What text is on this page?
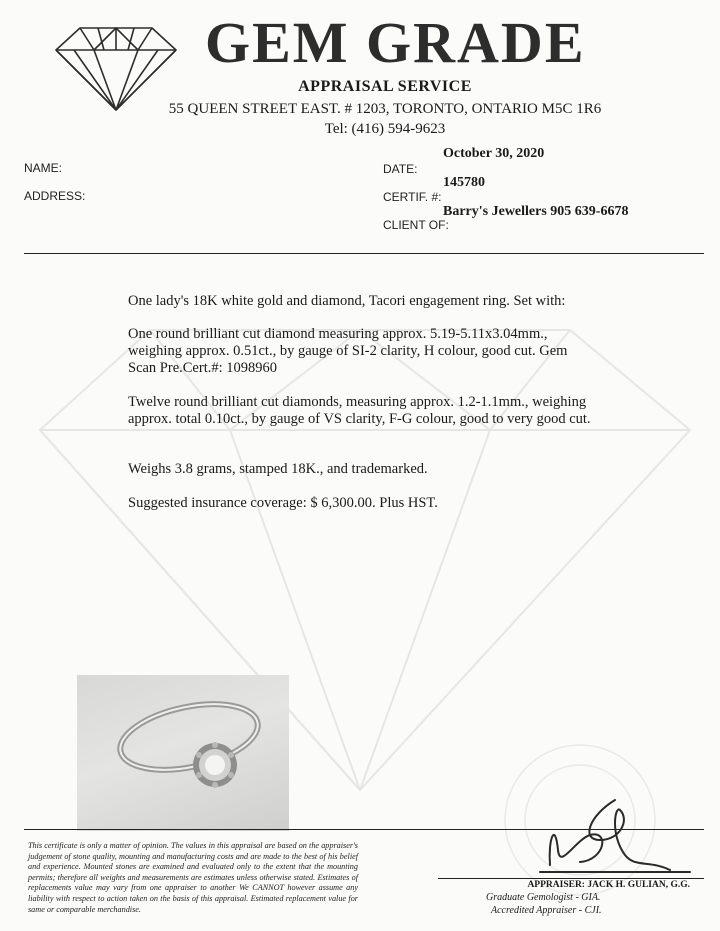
GEM GRADE
APPRAISAL SERVICE
55 QUEEN STREET EAST. # 1203, TORONTO, ONTARIO M5C 1R6
Tel: (416) 594-9623
NAME:
ADDRESS:
October 30, 2020
DATE:
145780
CERTIF. #:
Barry's Jewellers 905 639-6678
CLIENT OF:
One lady's 18K white gold and diamond, Tacori engagement ring. Set with:
One round brilliant cut diamond measuring approx. 5.19-5.11x3.04mm., weighing approx. 0.51ct., by gauge of SI-2 clarity, H colour, good cut. Gem Scan Pre.Cert.#: 1098960
Twelve round brilliant cut diamonds, measuring approx. 1.2-1.1mm., weighing approx. total 0.10ct., by gauge of VS clarity, F-G colour, good to very good cut.
Weighs 3.8 grams, stamped 18K., and trademarked.
Suggested insurance coverage: $ 6,300.00. Plus HST.
This certificate is only a matter of opinion. The values in this appraisal are based on the appraiser's judgement of stone quality, mounting and manufacturing costs and are made to the best of his belief and experience. Mounted stones are examined and evaluated only to the extent that the mounting permits; therefore all weights and measurements are estimates unless otherwise stated. Estimates of replacements value may vary from one appraiser to another We CANNOT however assume any liability with respect to action taken on the basis of this appraisal. Estimated replacement value for same or comparable merchandise.
APPRAISER: JACK H. GULIAN, G.G.
Graduate Gemologist - GIA.
Accredited Appraiser - CJI.
